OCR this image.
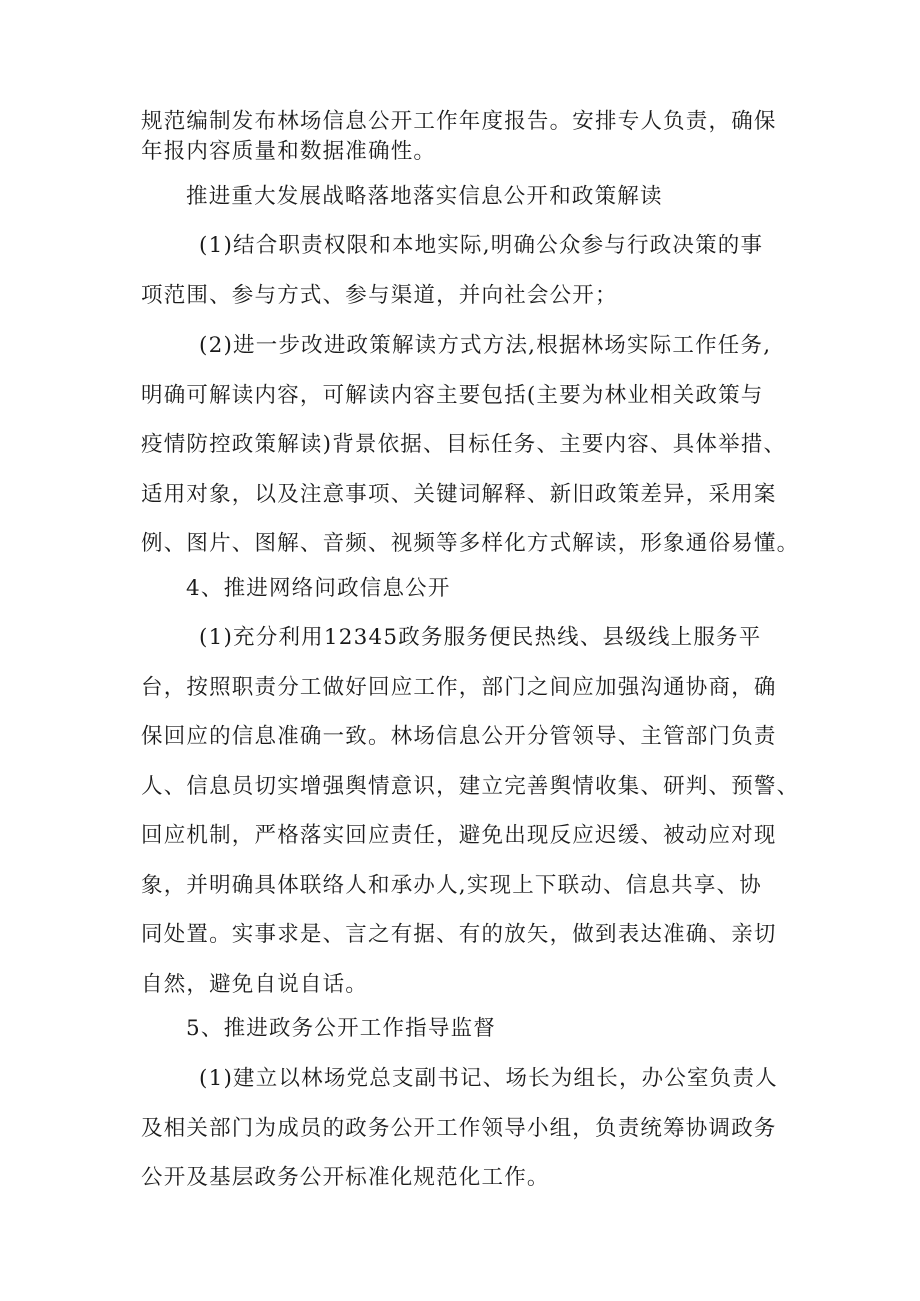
规范编制发布林场信息公开工作年度报告。安排专人负责，确保
年报内容质量和数据准确性。

推进重大发展战略落地落实信息公开和政策解读

(1)结合职责权限和本地实际,明确公众参与行政决策的事
项范围、参与方式、参与渠道，并向社会公开；

(2)进一步改进政策解读方式方法,根据林场实际工作任务,
明确可解读内容，可解读内容主要包括(主要为林业相关政策与
疫情防控政策解读)背景依据、目标任务、主要内容、具体举措、
适用对象，以及注意事项、关键词解释、新旧政策差异，采用案
例、图片、图解、音频、视频等多样化方式解读，形象通俗易懂。

4、推进网络问政信息公开

(1)充分利用12345政务服务便民热线、县级线上服务平
台，按照职责分工做好回应工作，部门之间应加强沟通协商，确
保回应的信息准确一致。林场信息公开分管领导、主管部门负责
人、信息员切实增强舆情意识，建立完善舆情收集、研判、预警、
回应机制，严格落实回应责任，避免出现反应迟缓、被动应对现
象，并明确具体联络人和承办人,实现上下联动、信息共享、协
同处置。实事求是、言之有据、有的放矢，做到表达准确、亲切
自然，避免自说自话。

5、推进政务公开工作指导监督

(1)建立以林场党总支副书记、场长为组长，办公室负责人
及相关部门为成员的政务公开工作领导小组，负责统筹协调政务
公开及基层政务公开标准化规范化工作。
